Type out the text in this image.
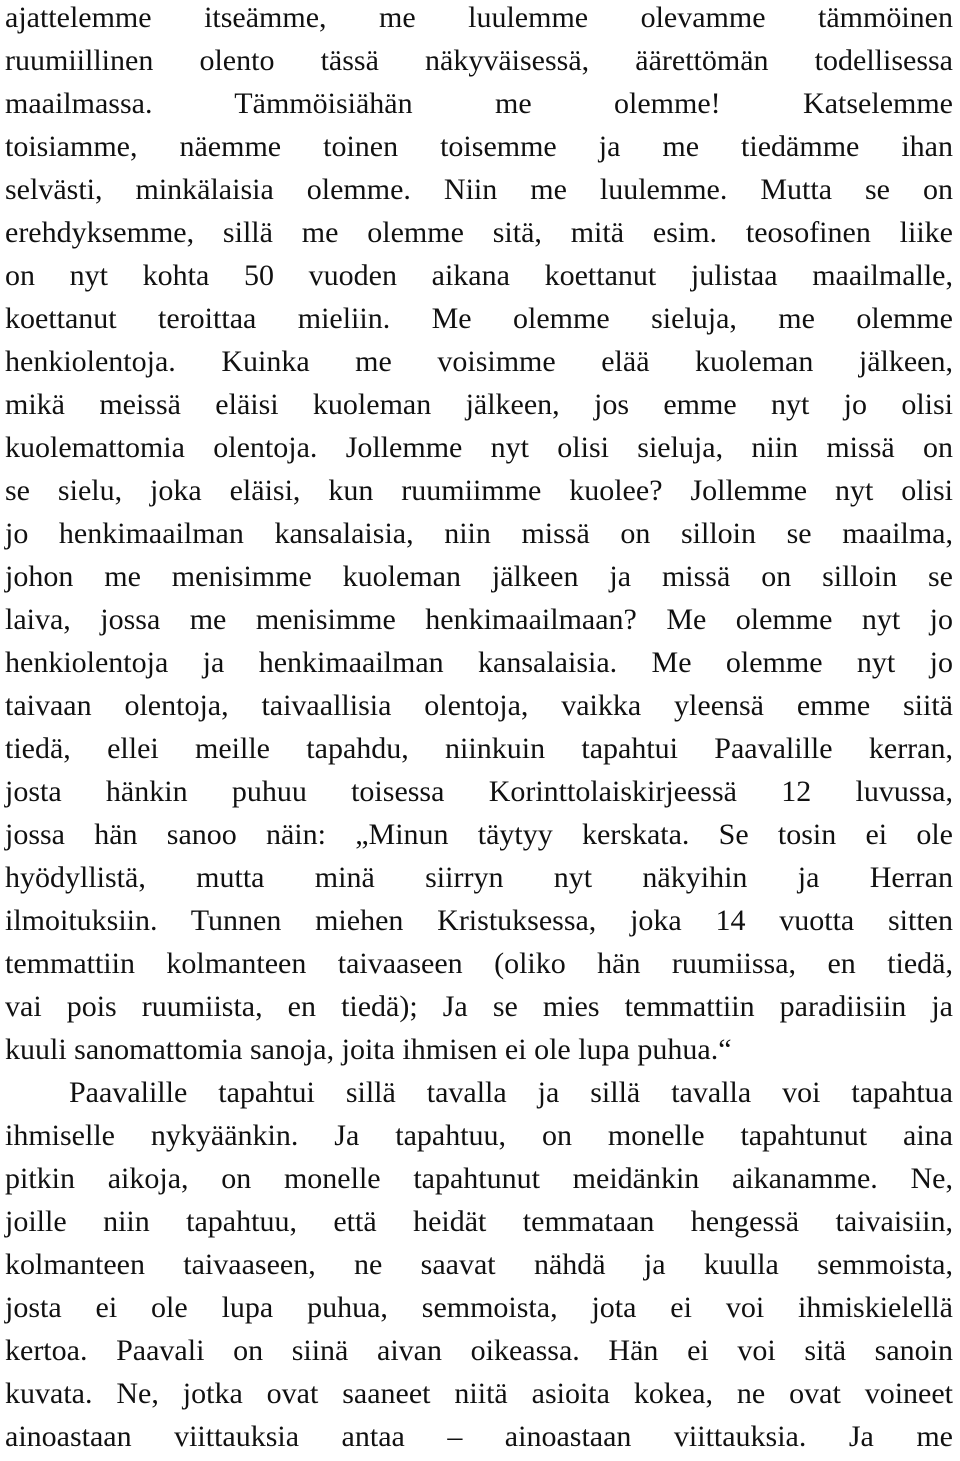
ajattelemme itseämme, me luulemme olevamme tämmöinen
ruumiillinen olento tässä näkyväisessä, äärettömän todellisessa
maailmassa. Tämmöisiähän me olemme! Katselemme
toisiamme, näemme toinen toisemme ja me tiedämme ihan
selvästi, minkälaisia olemme. Niin me luulemme. Mutta se on
erehdyksemme, sillä me olemme sitä, mitä esim. teosofinen liike
on nyt kohta 50 vuoden aikana koettanut julistaa maailmalle,
koettanut teroittaa mieliin. Me olemme sieluja, me olemme
henkiolentoja. Kuinka me voisimme elää kuoleman jälkeen,
mikä meissä eläisi kuoleman jälkeen, jos emme nyt jo olisi
kuolemattomia olentoja. Jollemme nyt olisi sieluja, niin missä on
se sielu, joka eläisi, kun ruumiimme kuolee? Jollemme nyt olisi
jo henkimaailman kansalaisia, niin missä on silloin se maailma,
johon me menisimme kuoleman jälkeen ja missä on silloin se
laiva, jossa me menisimme henkimaailmaan? Me olemme nyt jo
henkiolentoja ja henkimaailman kansalaisia. Me olemme nyt jo
taivaan olentoja, taivaallisia olentoja, vaikka yleensä emme siitä
tiedä, ellei meille tapahdu, niinkuin tapahtui Paavalille kerran,
josta hänkin puhuu toisessa Korinttolaiskirjeessä 12 luvussa,
jossa hän sanoo näin: „Minun täytyy kerskata. Se tosin ei ole
hyödyllistä, mutta minä siirryn nyt näkyihin ja Herran
ilmoituksiin. Tunnen miehen Kristuksessa, joka 14 vuotta sitten
temmattiin kolmanteen taivaaseen (oliko hän ruumiissa, en tiedä,
vai pois ruumiista, en tiedä); Ja se mies temmattiin paradiisiin ja
kuuli sanomattomia sanoja, joita ihmisen ei ole lupa puhua.“
Paavalille tapahtui sillä tavalla ja sillä tavalla voi tapahtua
ihmiselle nykyäänkin. Ja tapahtuu, on monelle tapahtunut aina
pitkin aikoja, on monelle tapahtunut meidänkin aikanamme. Ne,
joille niin tapahtuu, että heidät temmataan hengessä taivaisiin,
kolmanteen taivaaseen, ne saavat nähdä ja kuulla semmoista,
josta ei ole lupa puhua, semmoista, jota ei voi ihmiskielellä
kertoa. Paavali on siinä aivan oikeassa. Hän ei voi sitä sanoin
kuvata. Ne, jotka ovat saaneet niitä asioita kokea, ne ovat voineet
ainoastaan viittauksia antaa – ainoastaan viittauksia. Ja me
